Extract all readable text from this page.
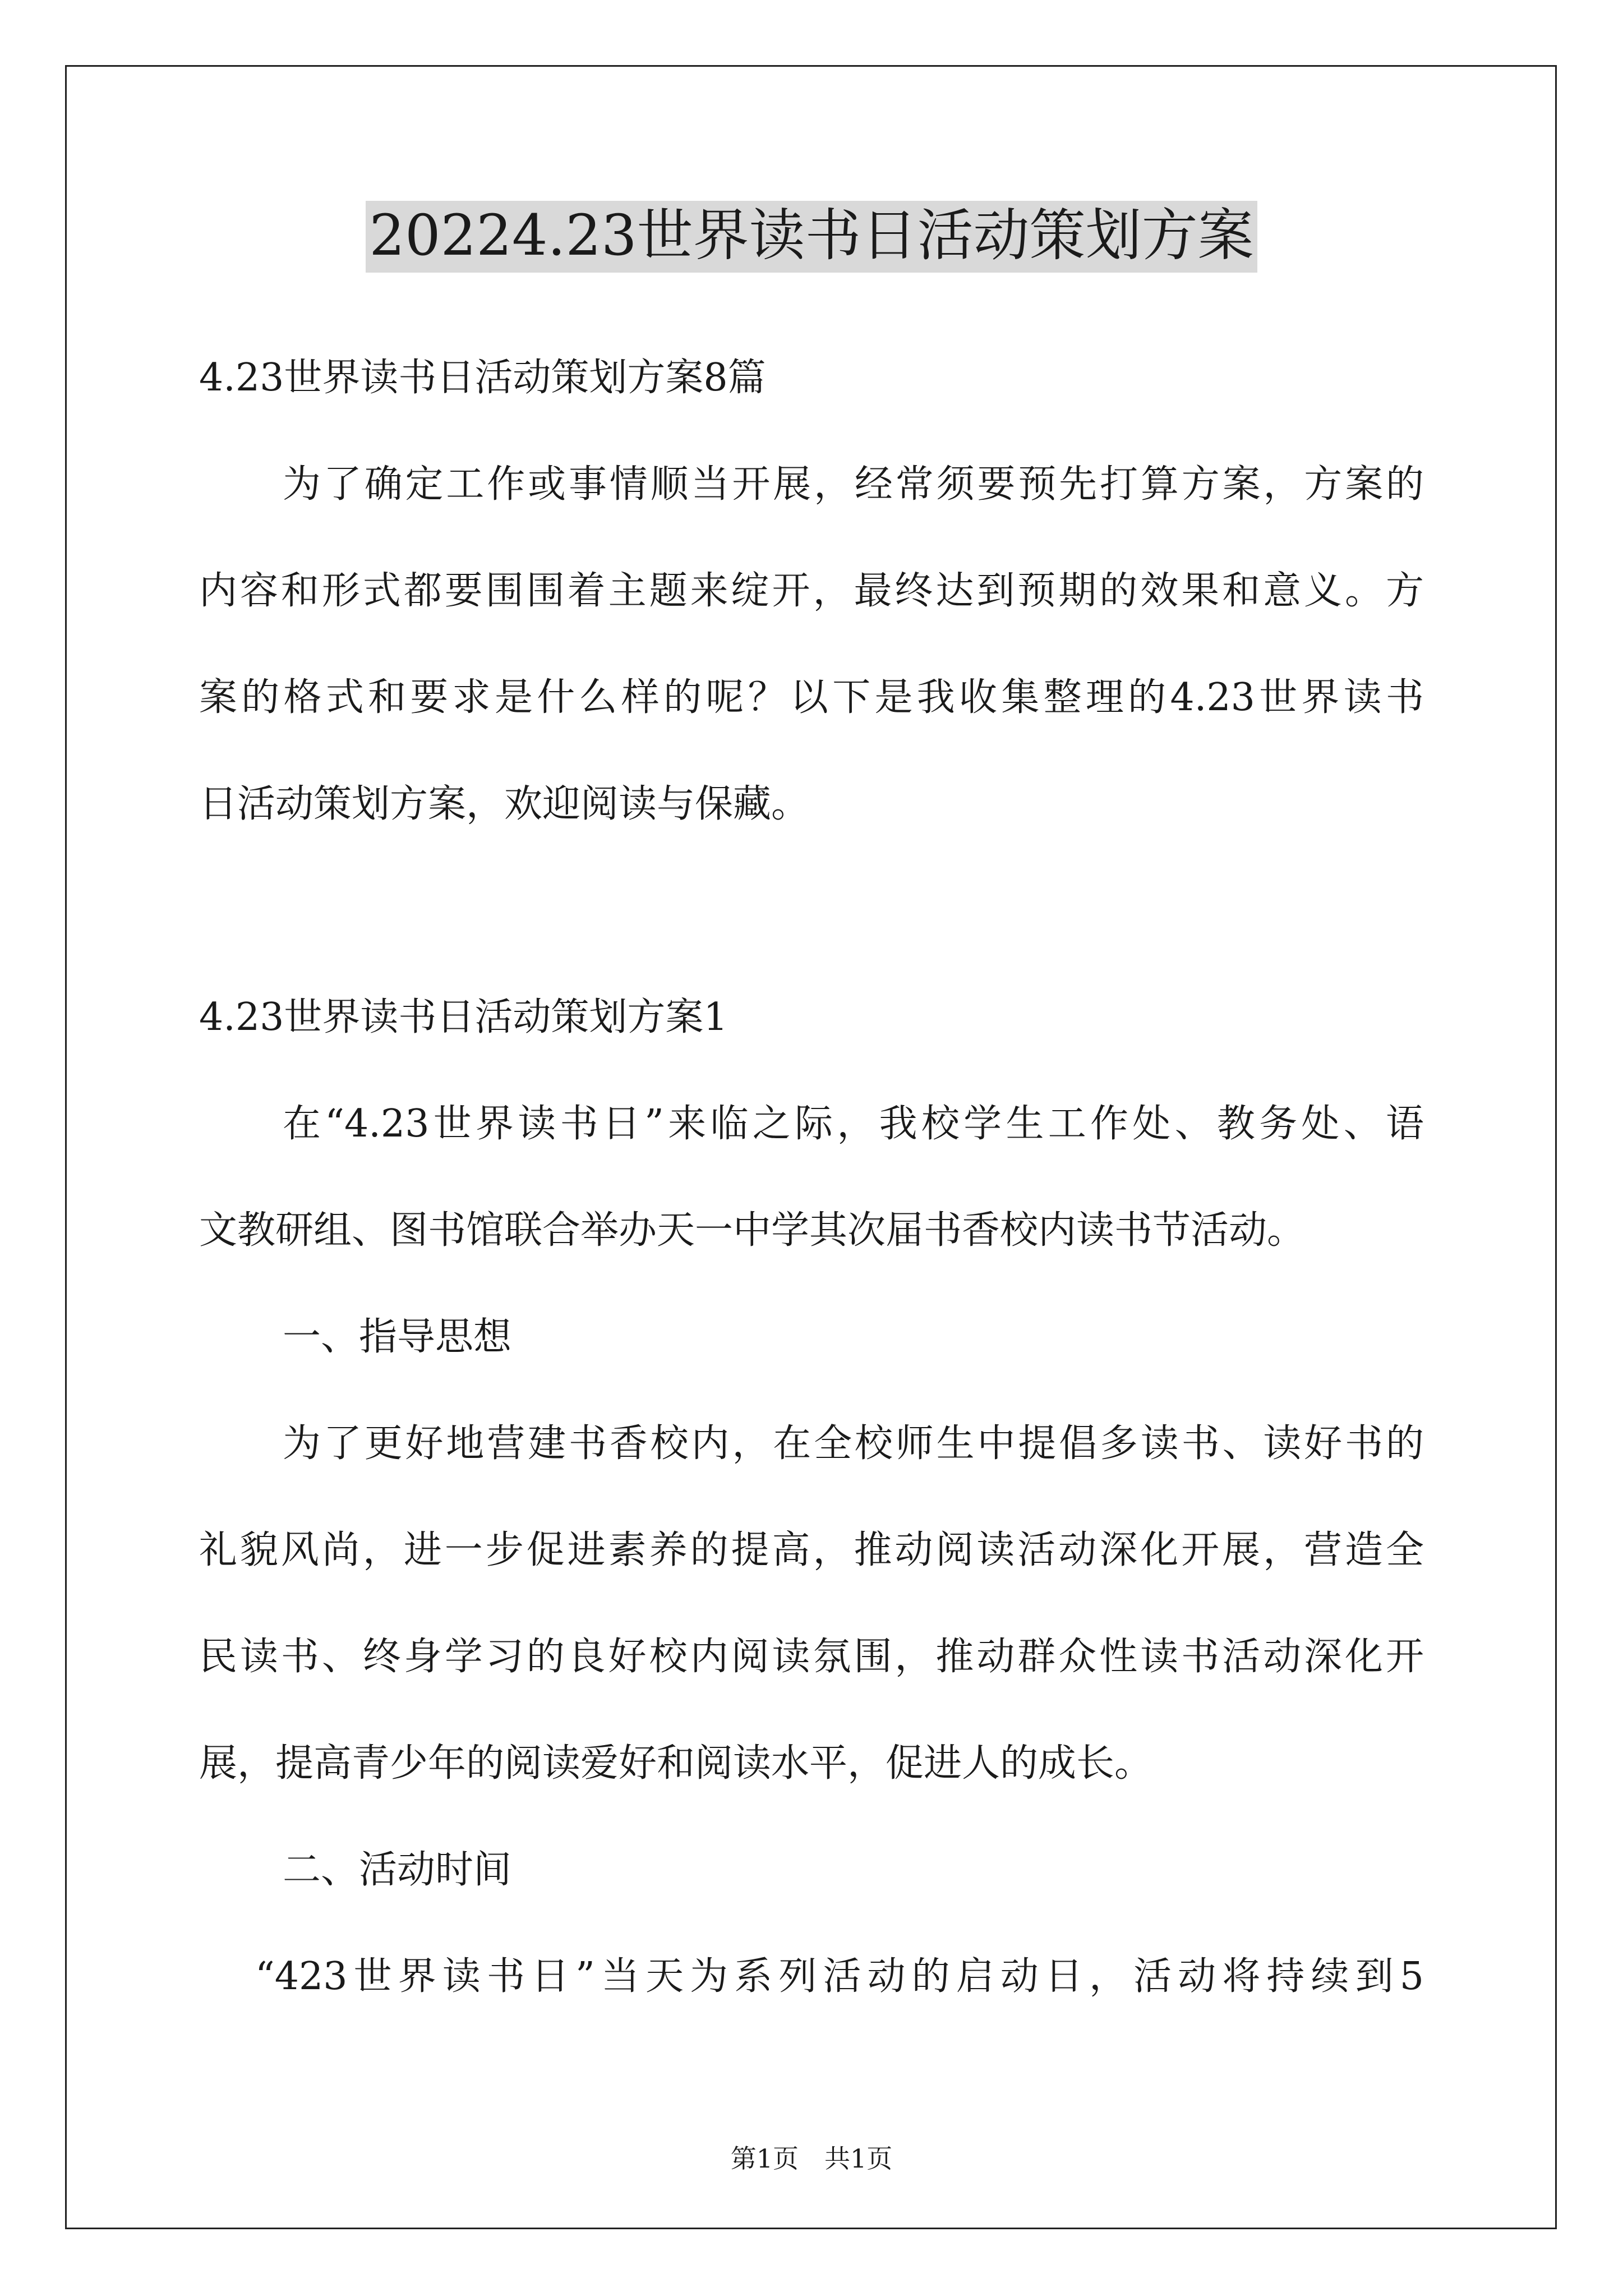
20224.23世界读书日活动策划方案

4.23世界读书日活动策划方案8篇

为了确定工作或事情顺当开展，经常须要预先打算方案，方案的

内容和形式都要围围着主题来绽开，最终达到预期的效果和意义。方

案的格式和要求是什么样的呢？以下是我收集整理的4.23世界读书

日活动策划方案，欢迎阅读与保藏。

4.23世界读书日活动策划方案1

在“4.23世界读书日”来临之际，我校学生工作处、教务处、语

文教研组、图书馆联合举办天一中学其次届书香校内读书节活动。

一、指导思想

为了更好地营建书香校内，在全校师生中提倡多读书、读好书的

礼貌风尚，进一步促进素养的提高，推动阅读活动深化开展，营造全

民读书、终身学习的良好校内阅读氛围，推动群众性读书活动深化开

展，提高青少年的阅读爱好和阅读水平，促进人的成长。

二、活动时间

“423世界读书日”当天为系列活动的启动日，活动将持续到5

第1页　共1页
